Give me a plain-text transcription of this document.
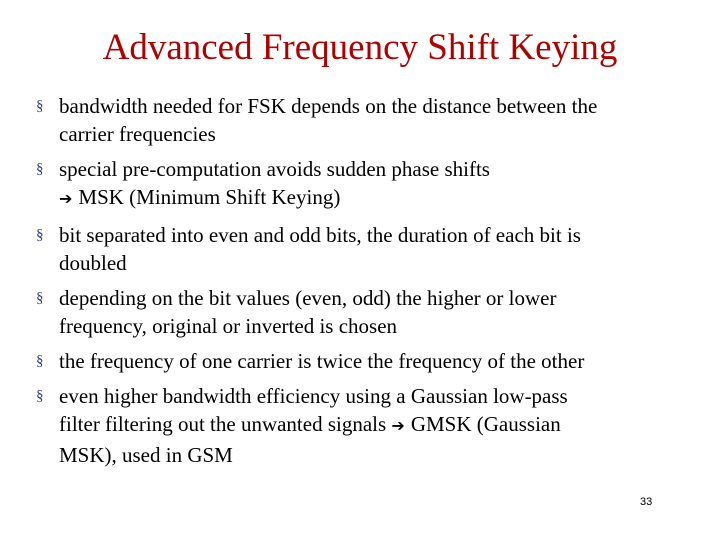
Advanced Frequency Shift Keying
§ bandwidth needed for FSK depends on the distance between the
carrier frequencies
§ special pre-computation avoids sudden phase shifts
➔ MSK (Minimum Shift Keying)
§ bit separated into even and odd bits, the duration of each bit is
doubled
§ depending on the bit values (even, odd) the higher or lower
frequency, original or inverted is chosen
§ the frequency of one carrier is twice the frequency of the other
§ even higher bandwidth efficiency using a Gaussian low-pass
filter filtering out the unwanted signals ➔ GMSK (Gaussian
MSK), used in GSM
33
